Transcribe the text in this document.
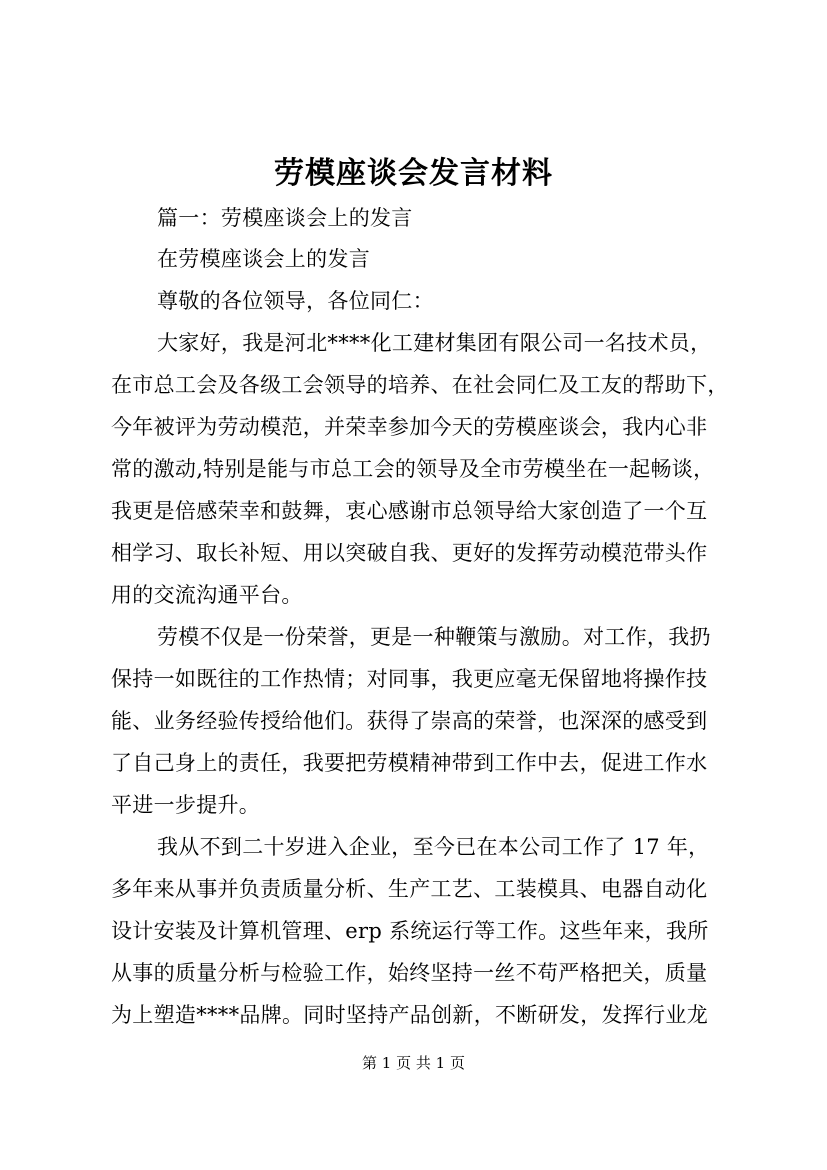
劳模座谈会发言材料
篇一：劳模座谈会上的发言
在劳模座谈会上的发言
尊敬的各位领导，各位同仁：
大家好，我是河北****化工建材集团有限公司一名技术员，
在市总工会及各级工会领导的培养、在社会同仁及工友的帮助下，
今年被评为劳动模范，并荣幸参加今天的劳模座谈会，我内心非
常的激动,特别是能与市总工会的领导及全市劳模坐在一起畅谈，
我更是倍感荣幸和鼓舞，衷心感谢市总领导给大家创造了一个互
相学习、取长补短、用以突破自我、更好的发挥劳动模范带头作
用的交流沟通平台。
劳模不仅是一份荣誉，更是一种鞭策与激励。对工作，我扔
保持一如既往的工作热情；对同事，我更应毫无保留地将操作技
能、业务经验传授给他们。获得了崇高的荣誉，也深深的感受到
了自己身上的责任，我要把劳模精神带到工作中去，促进工作水
平进一步提升。
我从不到二十岁进入企业，至今已在本公司工作了 17 年，
多年来从事并负责质量分析、生产工艺、工装模具、电器自动化
设计安装及计算机管理、erp 系统运行等工作。这些年来，我所
从事的质量分析与检验工作，始终坚持一丝不苟严格把关，质量
为上塑造****品牌。同时坚持产品创新，不断研发，发挥行业龙
第 1 页 共 1 页
